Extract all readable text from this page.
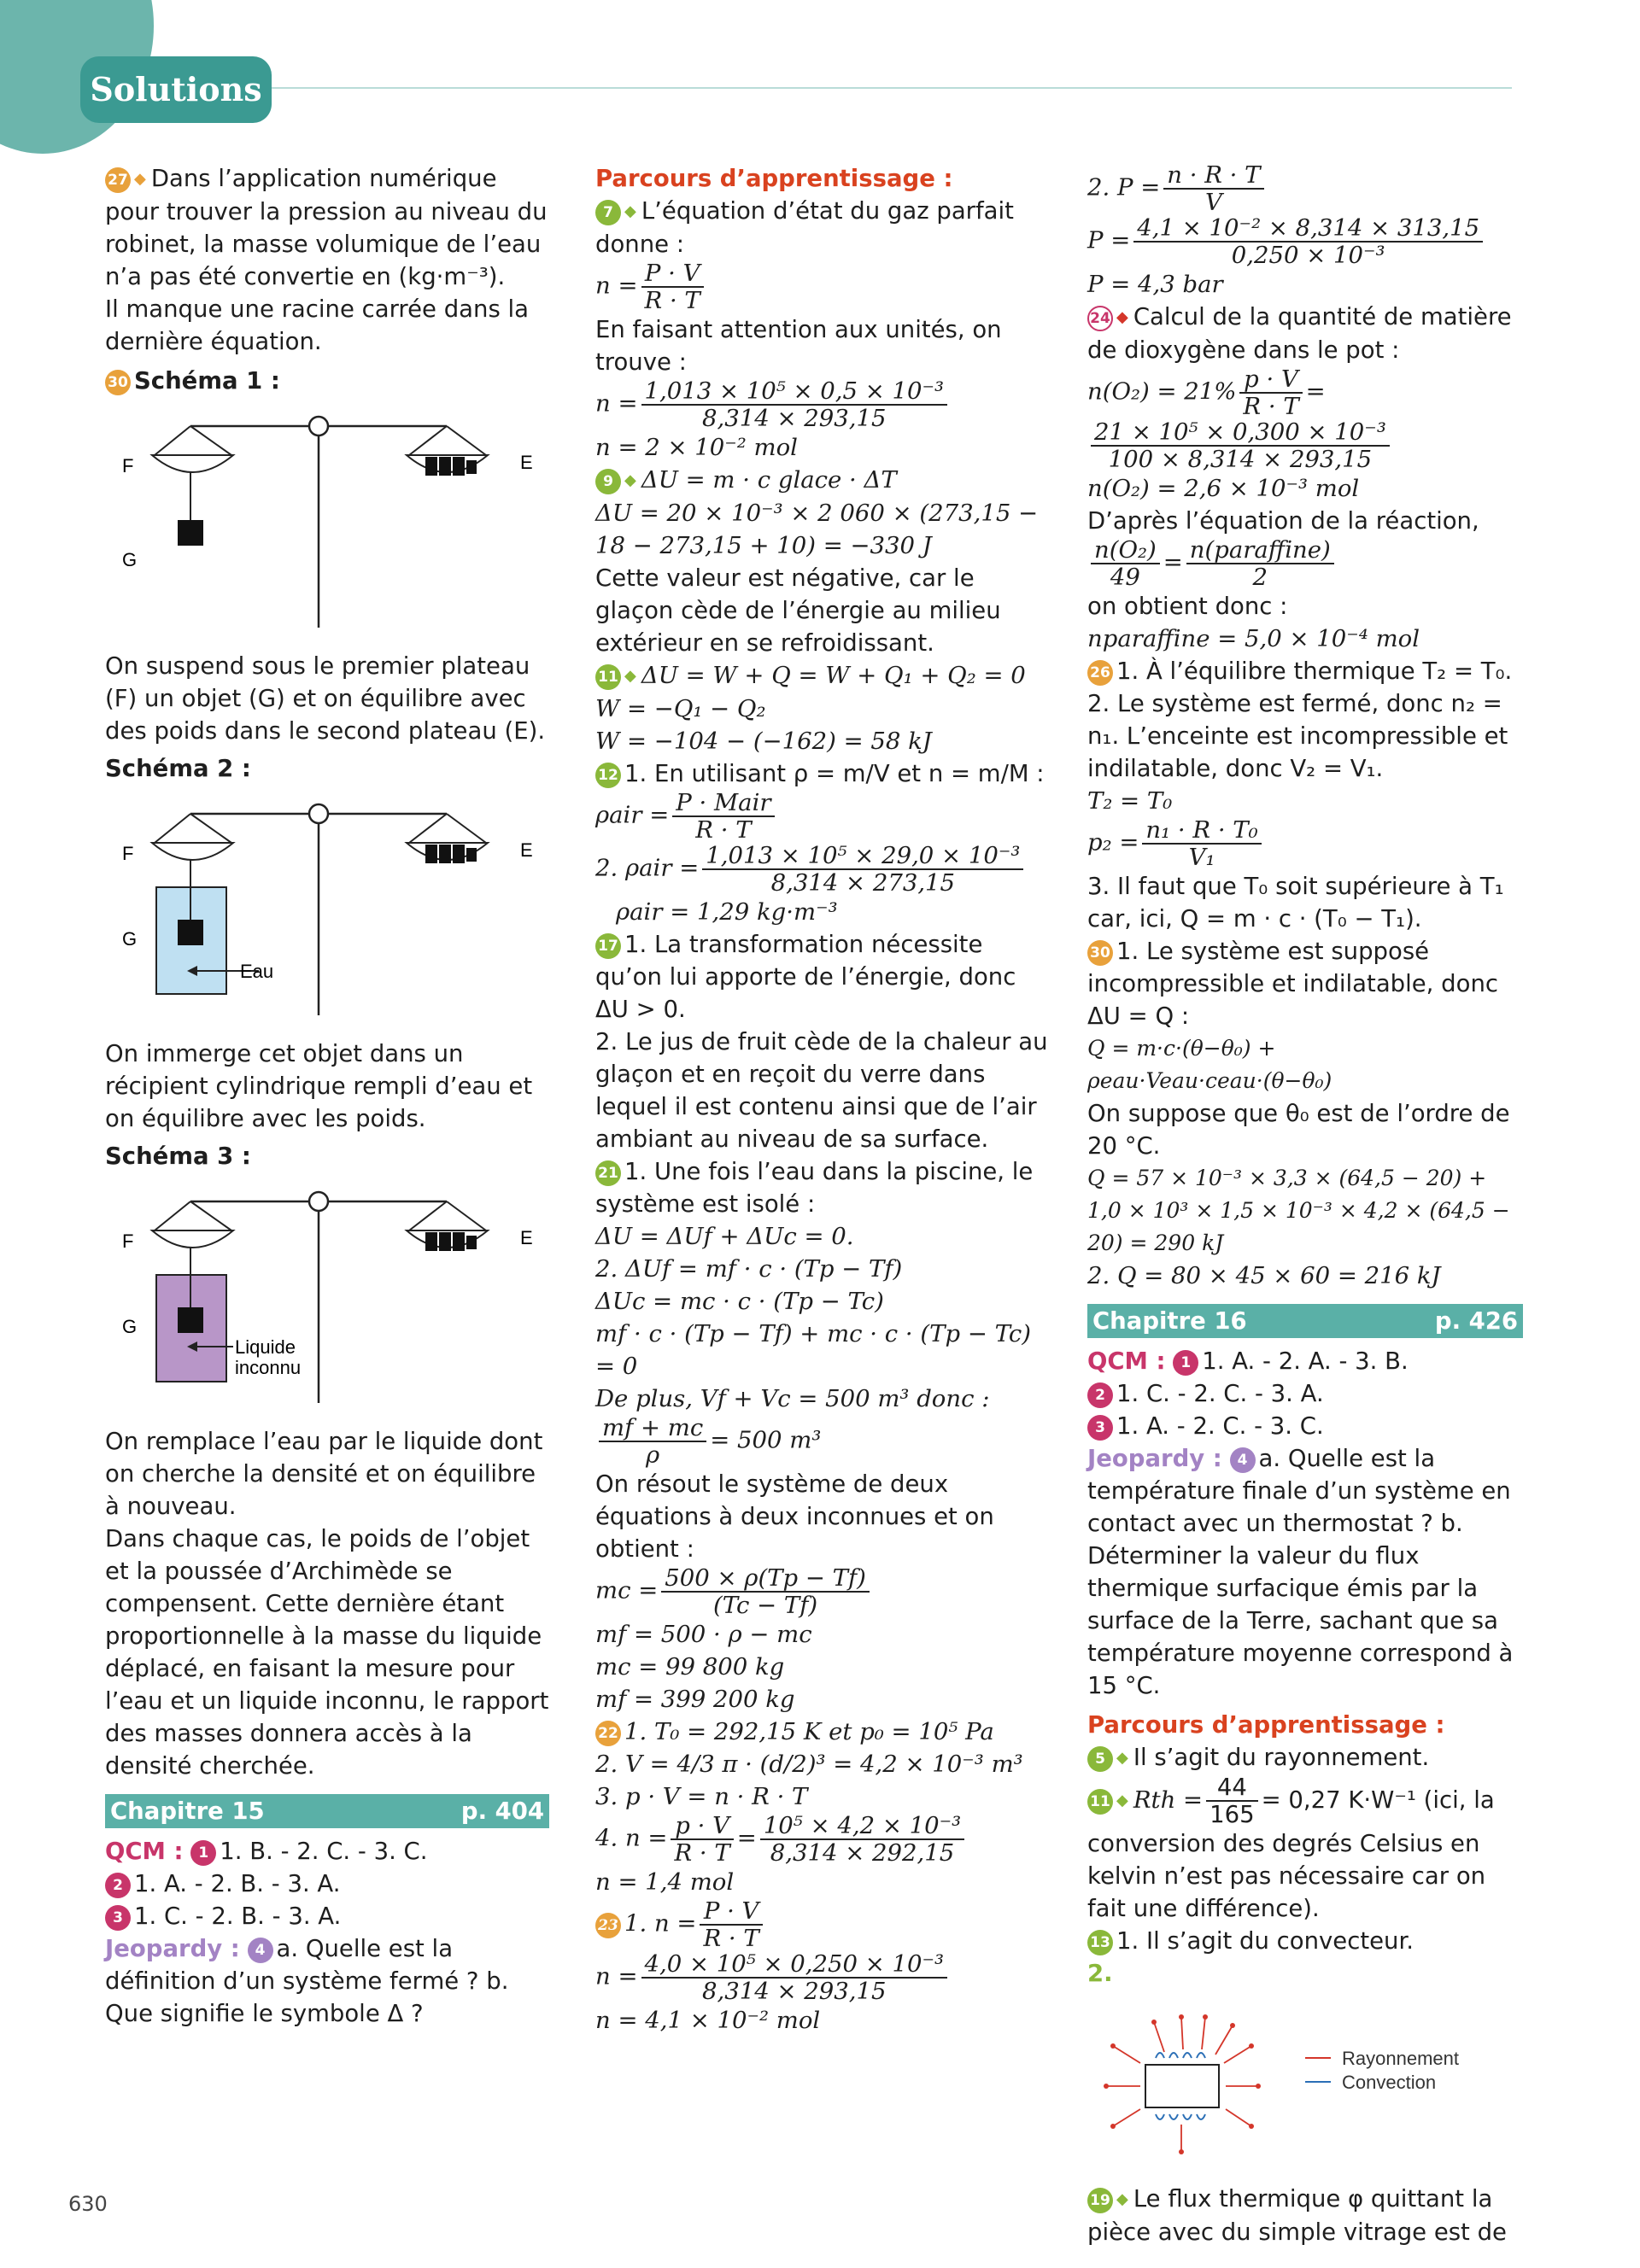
Solutions

27 ◆ Dans l’application numérique pour trouver la pression au niveau du robinet, la masse volumique de l’eau n’a pas été convertie en (kg·m⁻³).

Il manque une racine carrée dans la dernière équation.

30 Schéma 1 :

F	E
G

On suspend sous le premier plateau (F) un objet (G) et on équilibre avec des poids dans le second plateau (E).

Schéma 2 :

F	E
G
Eau

On immerge cet objet dans un récipient cylindrique rempli d’eau et on équilibre avec les poids.

Schéma 3 :

F	E
G
Liquide
inconnu

On remplace l’eau par le liquide dont on cherche la densité et on équilibre à nouveau.

Dans chaque cas, le poids de l’objet et la poussée d’Archimède se compensent. Cette dernière étant proportionnelle à la masse du liquide déplacé, en faisant la mesure pour l’eau et un liquide inconnu, le rapport des masses donnera accès à la densité cherchée.

Chapitre 15	p. 404

QCM : 1 1. B. - 2. C. - 3. C.

2 1. A. - 2. B. - 3. A.

3 1. C. - 2. B. - 3. A.

Jeopardy : 4 a. Quelle est la définition d’un système fermé ? b. Que signifie le symbole Δ ?

Parcours d’apprentissage :

7 ◆ L’équation d’état du gaz parfait donne :

$n = \frac{P \cdot V}{R \cdot T}$

En faisant attention aux unités, on trouve :

$n = \frac{\text{1,013 × 10⁵ × 0,5 × 10⁻³}}{8,314 \times 293,15}$

n = 2 × 10⁻² mol

9 ◆ ΔU = m · c glace · ΔT

ΔU = 20 × 10⁻³ × 2 060 × (273,15 − 18 − 273,15 + 10) = −330 J

Cette valeur est négative, car le glaçon cède de l’énergie au milieu extérieur en se refroidissant.

11 ◆ ΔU = W + Q = W + Q₁ + Q₂ = 0

W = −Q₁ − Q₂

W = −104 − (−162) = 58 kJ

12 1. En utilisant ρ = m/V et n = m/M :

$\rho air = \frac{\text{P · Mair}}{R \cdot T}$

2. $\rho air = \frac{\text{1,013 × 10⁵ × 29,0 × 10⁻³}}{8,314 \times 273,15}$

ρair = 1,29 kg·m⁻³

17 1. La transformation nécessite qu’on lui apporte de l’énergie, donc ΔU > 0.

2. Le jus de fruit cède de la chaleur au glaçon et en reçoit du verre dans lequel il est contenu ainsi que de l’air ambiant au niveau de sa surface.

21 1. Une fois l’eau dans la piscine, le système est isolé :

ΔU = ΔUf + ΔUc = 0.

2. ΔUf = mf · c · (Tp − Tf)

ΔUc = mc · c · (Tp − Tc)

mf · c · (Tp − Tf) + mc · c · (Tp − Tc) = 0

De plus, Vf + Vc = 500 m³ donc :

$\frac{mf + mc}{\rho} = 500$ m³

On résout le système de deux équations à deux inconnues et on obtient :

mc = $\frac{500 \times \rho(Tp - Tf)}{(Tc - Tf)}$

mf = 500 · ρ − mc

mc = 99 800 kg

mf = 399 200 kg

22 1. T₀ = 292,15 K et p₀ = 10⁵ Pa

2. V = 4/3 π · (d/2)³ = 4,2 × 10⁻³ m³

3. p · V = n · R · T

4. $n = \frac{p \cdot V}{R \cdot T} = \frac{\text{10⁵ × 4,2 × 10⁻³}}{8,314 \times 292,15}$

n = 1,4 mol

23 1. $n = \frac{P \cdot V}{R \cdot T}$

$n = \frac{\text{4,0 × 10⁵ × 0,250 × 10⁻³}}{8,314 \times 293,15}$

n = 4,1 × 10⁻² mol

2. $P = \frac{n \cdot R \cdot T}{V}$

$P = \frac{\text{4,1 × 10⁻² × 8,314 × 313,15}}{\text{0,250 × 10⁻³}}$

P = 4,3 bar

24 ◆ Calcul de la quantité de matière de dioxygène dans le pot :

$n(O_2) = 21\% \frac{p \cdot V}{R \cdot T}$ =
$\frac{\text{21 × 10⁵ × 0,300 × 10⁻³}}{100 \times 8,314 \times 293,15}$

n(O₂) = 2,6 × 10⁻³ mol

D’après l’équation de la réaction,

$\frac{\text{n(O₂)}}{49} = \frac{\text{n(paraffine)}}{2}$

on obtient donc :

nparaffine = 5,0 × 10⁻⁴ mol

26 1. À l’équilibre thermique T₂ = T₀.

2. Le système est fermé, donc n₂ = n₁. L’enceinte est incompressible et indilatable, donc V₂ = V₁.

T₂ = T₀

$p_2 = \frac{\text{n₁ · R · T₀}}{\text{V₁}}$

3. Il faut que T₀ soit supérieure à T₁ car, ici, Q = m · c · (T₀ − T₁).

30 1. Le système est supposé incompressible et indilatable, donc ΔU = Q :

Q = m·c·(θ−θ₀) + ρeau·Veau·ceau·(θ−θ₀)

On suppose que θ₀ est de l’ordre de 20 °C.

Q = 57 × 10⁻³ × 3,3 × (64,5 − 20) + 1,0 × 10³ × 1,5 × 10⁻³ × 4,2 × (64,5 − 20) = 290 kJ

2. Q = 80 × 45 × 60 = 216 kJ

Chapitre 16	p. 426

QCM : 1 1. A. - 2. A. - 3. B.

2 1. C. - 2. C. - 3. A.

3 1. A. - 2. C. - 3. C.

Jeopardy : 4 a. Quelle est la température finale d’un système en contact avec un thermostat ? b. Déterminer la valeur du flux thermique surfacique émis par la surface de la Terre, sachant que sa température moyenne correspond à 15 °C.

Parcours d’apprentissage :

5 ◆ Il s’agit du rayonnement.

11 ◆ Rth = $\frac{44}{165} = 0,27$ K·W⁻¹ (ici, la conversion des degrés Celsius en kelvin n’est pas nécessaire car on fait une différence).

13 1. Il s’agit du convecteur.

2.

Rayonnement
Convection

19 ◆ Le flux thermique φ quittant la pièce avec du simple vitrage est de

630
